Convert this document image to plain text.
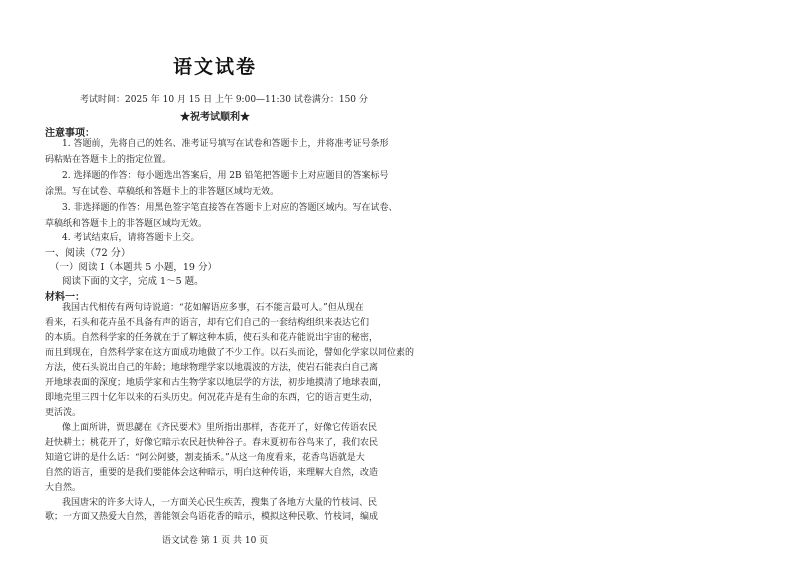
语文试卷
考试时间：2025 年 10 月 15 日 上午 9:00—11:30 试卷满分：150 分
★祝考试顺利★
注意事项：
1. 答题前，先将自己的姓名、准考证号填写在试卷和答题卡上，并将准考证号条形
码粘贴在答题卡上的指定位置。
2. 选择题的作答：每小题选出答案后，用 2B 铅笔把答题卡上对应题目的答案标号
涂黑。写在试卷、草稿纸和答题卡上的非答题区域均无效。
3. 非选择题的作答：用黑色签字笔直接答在答题卡上对应的答题区域内。写在试卷、
草稿纸和答题卡上的非答题区域均无效。
4. 考试结束后，请将答题卡上交。
一、阅读（72 分）
（一）阅读 I（本题共 5 小题，19 分）
阅读下面的文字，完成 1～5 题。
材料一：
我国古代相传有两句诗说道：“花如解语应多事，石不能言最可人。”但从现在
看来，石头和花卉虽不具备有声的语言，却有它们自己的一套结构组织来表达它们
的本质。自然科学家的任务就在于了解这种本质，使石头和花卉能说出宇宙的秘密，
而且到现在，自然科学家在这方面成功地做了不少工作。以石头而论，譬如化学家以同位素的
方法，使石头说出自己的年龄；地球物理学家以地震波的方法，使岩石能表白自己离
开地球表面的深度；地质学家和古生物学家以地层学的方法，初步地摸清了地球表面，
即地壳里三四十亿年以来的石头历史。何况花卉是有生命的东西，它的语言更生动，
更活泼。
像上面所讲，贾思勰在《齐民要术》里所指出那样，杏花开了，好像它传语农民
赶快耕土；桃花开了，好像它暗示农民赶快种谷子。春末夏初布谷鸟来了，我们农民
知道它讲的是什么话：“阿公阿婆，割麦插禾。”从这一角度看来，花香鸟语就是大
自然的语言，重要的是我们要能体会这种暗示，明白这种传语，来理解大自然，改造
大自然。
我国唐宋的许多大诗人，一方面关心民生疾苦，搜集了各地方大量的竹枝词、民
歌；一方面又热爱大自然，善能领会鸟语花香的暗示，模拟这种民歌、竹枝词，编成
语文试卷 第 1 页 共 10 页
